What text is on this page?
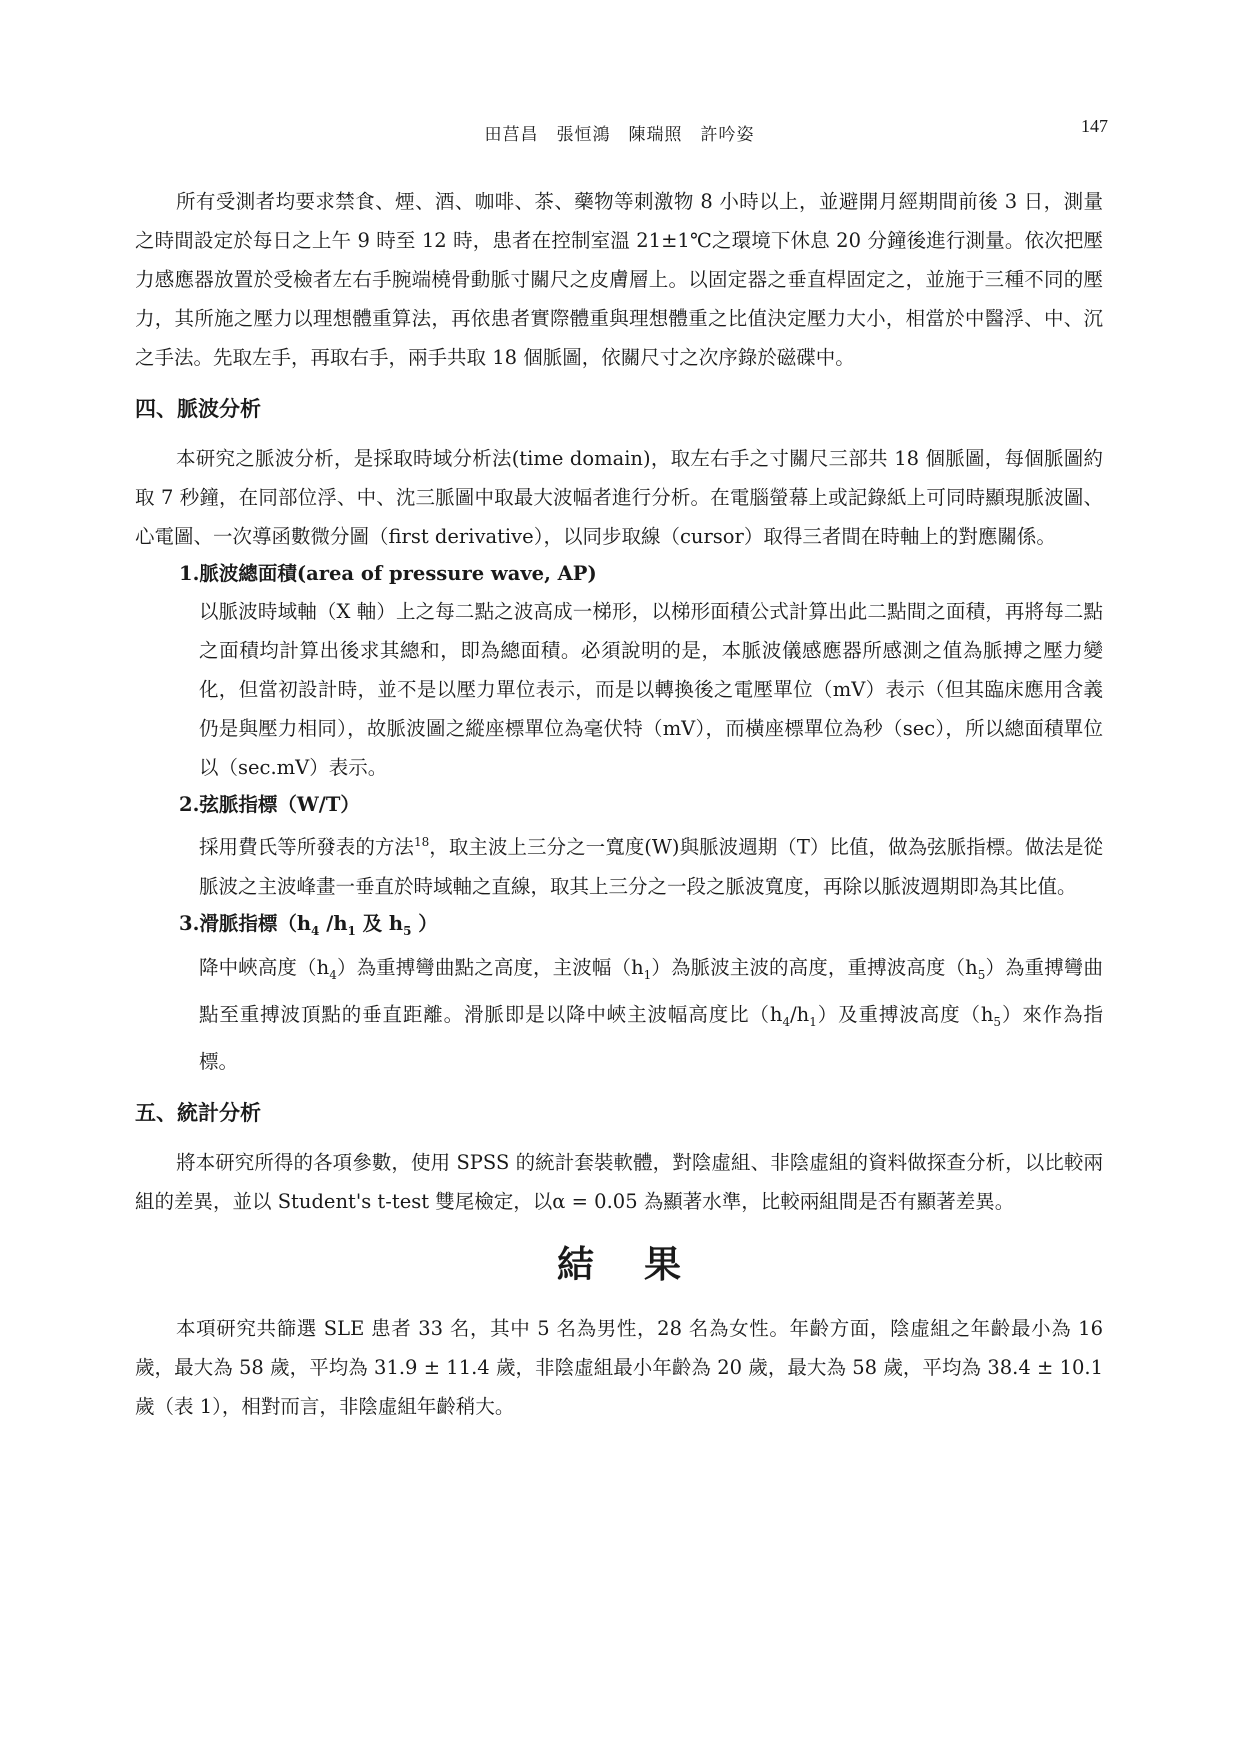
田莒昌　張恒鴻　陳瑞照　許吟姿	147

所有受測者均要求禁食、煙、酒、咖啡、茶、藥物等刺激物 8 小時以上，並避開月經期間前後 3 日，測量之時間設定於每日之上午 9 時至 12 時，患者在控制室溫 21±1℃之環境下休息 20 分鐘後進行測量。依次把壓力感應器放置於受檢者左右手腕端橈骨動脈寸關尺之皮膚層上。以固定器之垂直桿固定之，並施于三種不同的壓力，其所施之壓力以理想體重算法，再依患者實際體重與理想體重之比值決定壓力大小，相當於中醫浮、中、沉之手法。先取左手，再取右手，兩手共取 18 個脈圖，依關尺寸之次序錄於磁碟中。

四、脈波分析

本研究之脈波分析，是採取時域分析法(time domain)，取左右手之寸關尺三部共 18 個脈圖，每個脈圖約取 7 秒鐘，在同部位浮、中、沈三脈圖中取最大波幅者進行分析。在電腦螢幕上或記錄紙上可同時顯現脈波圖、心電圖、一次導函數微分圖（first derivative），以同步取線（cursor）取得三者間在時軸上的對應關係。

1.脈波總面積(area of pressure wave, AP)

以脈波時域軸（X 軸）上之每二點之波高成一梯形，以梯形面積公式計算出此二點間之面積，再將每二點之面積均計算出後求其總和，即為總面積。必須說明的是，本脈波儀感應器所感測之值為脈搏之壓力變化，但當初設計時，並不是以壓力單位表示，而是以轉換後之電壓單位（mV）表示（但其臨床應用含義仍是與壓力相同），故脈波圖之縱座標單位為毫伏特（mV），而橫座標單位為秒（sec），所以總面積單位以（sec.mV）表示。

2.弦脈指標（W/T）

採用費氏等所發表的方法$^{18}$，取主波上三分之一寬度(W)與脈波週期（T）比值，做為弦脈指標。做法是從脈波之主波峰畫一垂直於時域軸之直線，取其上三分之一段之脈波寬度，再除以脈波週期即為其比值。

3.滑脈指標（$h_4$ $/h_1$ 及 $h_5$ ）

降中峽高度$(h_4)$為重搏彎曲點之高度，主波幅$(h_1)$為脈波主波的高度，重搏波高度$(h_5)$為重搏彎曲點至重搏波頂點的垂直距離。滑脈即是以降中峽主波幅高度比$(h_4/h_1)$及重搏波高度$(h_5)$來作為指標。

五、統計分析

將本研究所得的各項參數，使用 SPSS 的統計套裝軟體，對陰虛組、非陰虛組的資料做探查分析，以比較兩組的差異，並以 Student's t-test 雙尾檢定，以α = 0.05 為顯著水準，比較兩組間是否有顯著差異。

結果

本項研究共篩選 SLE 患者 33 名，其中 5 名為男性，28 名為女性。年齡方面，陰虛組之年齡最小為 16 歲，最大為 58 歲，平均為 31.9 ± 11.4 歲，非陰虛組最小年齡為 20 歲，最大為 58 歲，平均為 38.4 ± 10.1 歲（表 1），相對而言，非陰虛組年齡稍大。
